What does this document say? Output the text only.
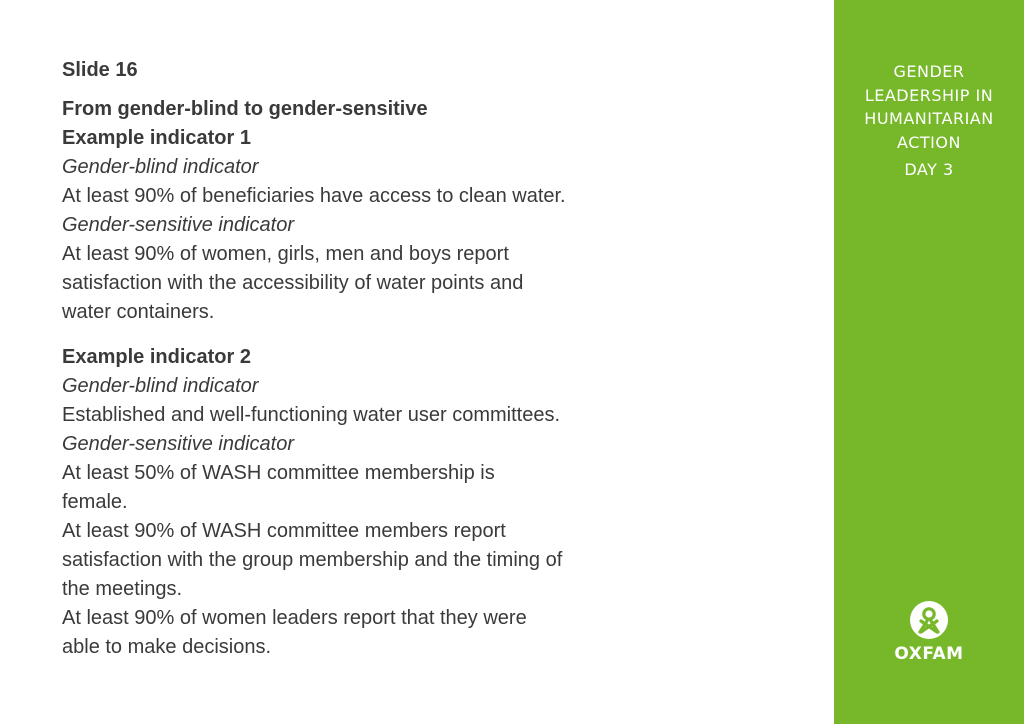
Slide 16

From gender-blind to gender-sensitive

Example indicator 1

Gender-blind indicator

At least 90% of beneficiaries have access to clean water.

Gender-sensitive indicator

At least 90% of women, girls, men and boys report

satisfaction with the accessibility of water points and

water containers.

Example indicator 2

Gender-blind indicator

Established and well-functioning water user committees.

Gender-sensitive indicator

At least 50% of WASH committee membership is

female.

At least 90% of WASH committee members report

satisfaction with the group membership and the timing of

the meetings.

At least 90% of women leaders report that they were

able to make decisions.

GENDER
LEADERSHIP IN
HUMANITARIAN
ACTION
DAY 3
OXFAM
